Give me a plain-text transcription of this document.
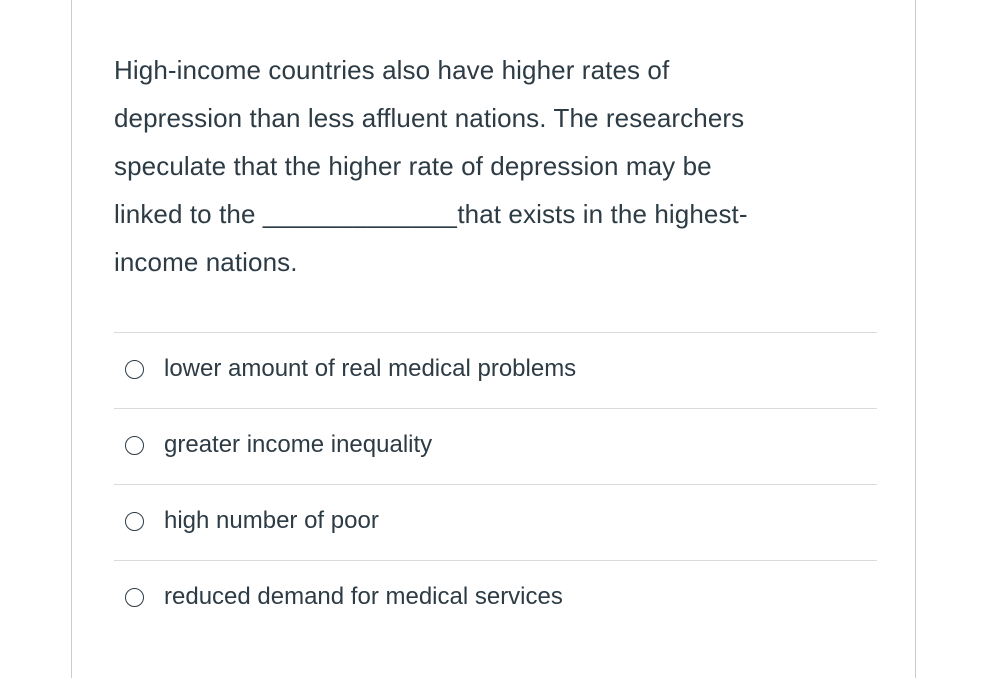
High-income countries also have higher rates of
depression than less affluent nations. The researchers
speculate that the higher rate of depression may be
linked to the _____________that exists in the highest-
income nations.
lower amount of real medical problems
greater income inequality
high number of poor
reduced demand for medical services
